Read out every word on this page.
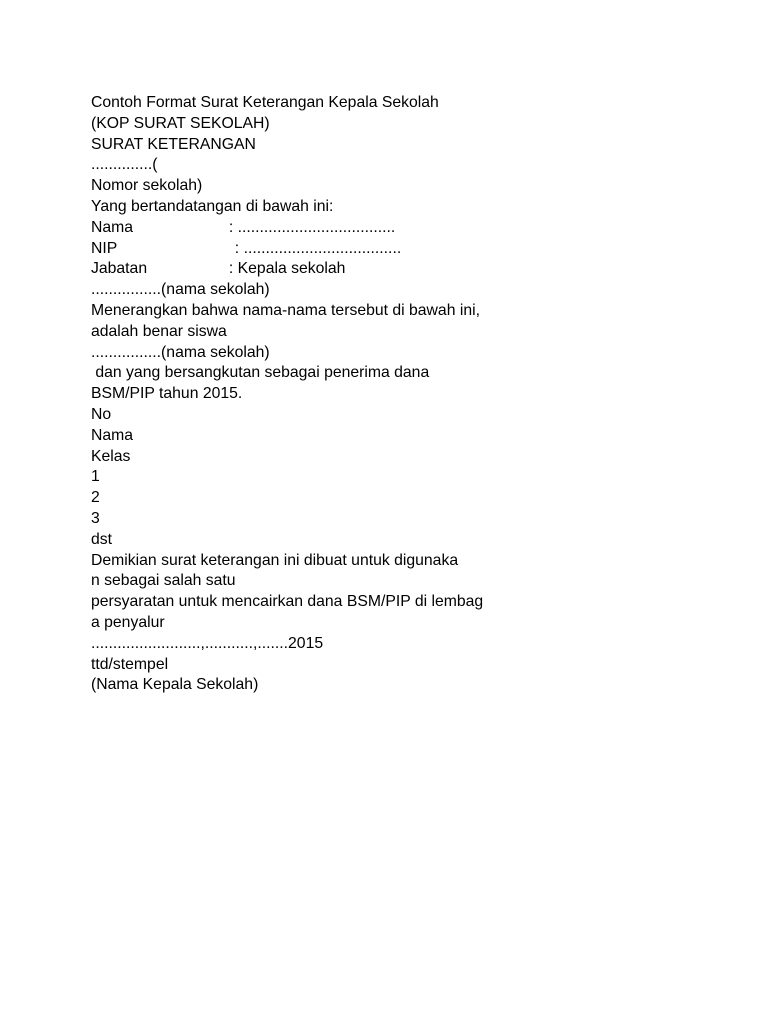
Contoh Format Surat Keterangan Kepala Sekolah
(KOP SURAT SEKOLAH)
SURAT KETERANGAN
..............(
Nomor sekolah)
Yang bertandatangan di bawah ini:

Nama

	: ....................................

NIP

	: ....................................

Jabatan

	: Kepala sekolah

................(nama sekolah)
Menerangkan bahwa nama-nama tersebut di bawah ini,
adalah benar siswa
................(nama sekolah)
dan yang bersangkutan sebagai penerima dana
BSM/PIP tahun 2015.
No
Nama
Kelas
1
2
3
dst
Demikian surat keterangan ini dibuat untuk digunaka
n sebagai salah satu
persyaratan untuk mencairkan dana BSM/PIP di lembag
a penyalur
.........................,...........,.......2015
ttd/stempel
(Nama Kepala Sekolah)
